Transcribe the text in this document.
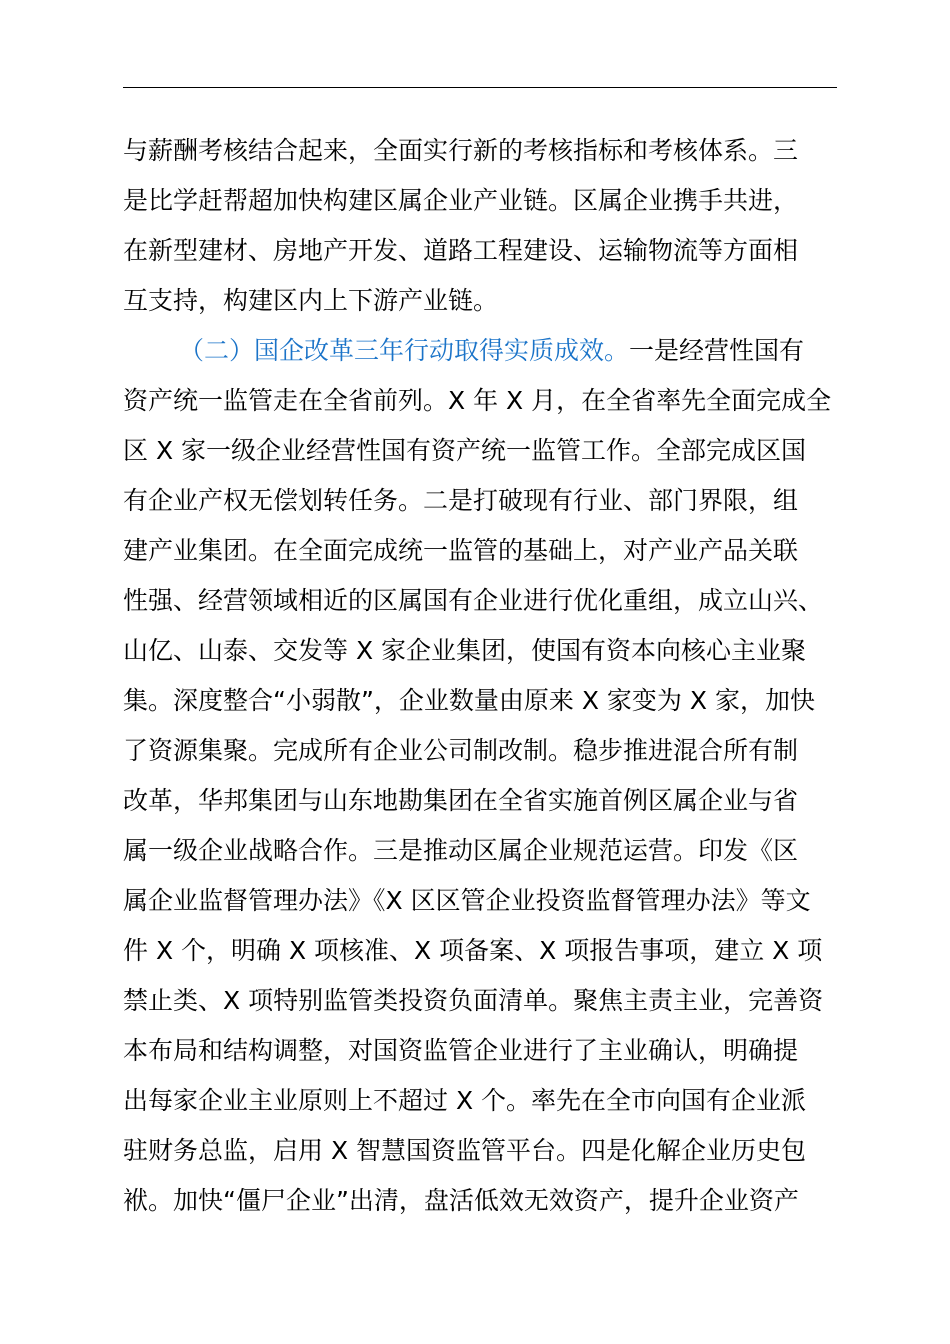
与薪酬考核结合起来，全面实行新的考核指标和考核体系。三
是比学赶帮超加快构建区属企业产业链。区属企业携手共进，
在新型建材、房地产开发、道路工程建设、运输物流等方面相
互支持，构建区内上下游产业链。
（二）国企改革三年行动取得实质成效。一是经营性国有
资产统一监管走在全省前列。X 年 X 月，在全省率先全面完成全
区 X 家一级企业经营性国有资产统一监管工作。全部完成区国
有企业产权无偿划转任务。二是打破现有行业、部门界限，组
建产业集团。在全面完成统一监管的基础上，对产业产品关联
性强、经营领域相近的区属国有企业进行优化重组，成立山兴、
山亿、山泰、交发等 X 家企业集团，使国有资本向核心主业聚
集。深度整合“小弱散”，企业数量由原来 X 家变为 X 家，加快
了资源集聚。完成所有企业公司制改制。稳步推进混合所有制
改革，华邦集团与山东地勘集团在全省实施首例区属企业与省
属一级企业战略合作。三是推动区属企业规范运营。印发《区
属企业监督管理办法》《X 区区管企业投资监督管理办法》等文
件 X 个，明确 X 项核准、X 项备案、X 项报告事项，建立 X 项
禁止类、X 项特别监管类投资负面清单。聚焦主责主业，完善资
本布局和结构调整，对国资监管企业进行了主业确认，明确提
出每家企业主业原则上不超过 X 个。率先在全市向国有企业派
驻财务总监，启用 X 智慧国资监管平台。四是化解企业历史包
袱。加快“僵尸企业”出清，盘活低效无效资产，提升企业资产
